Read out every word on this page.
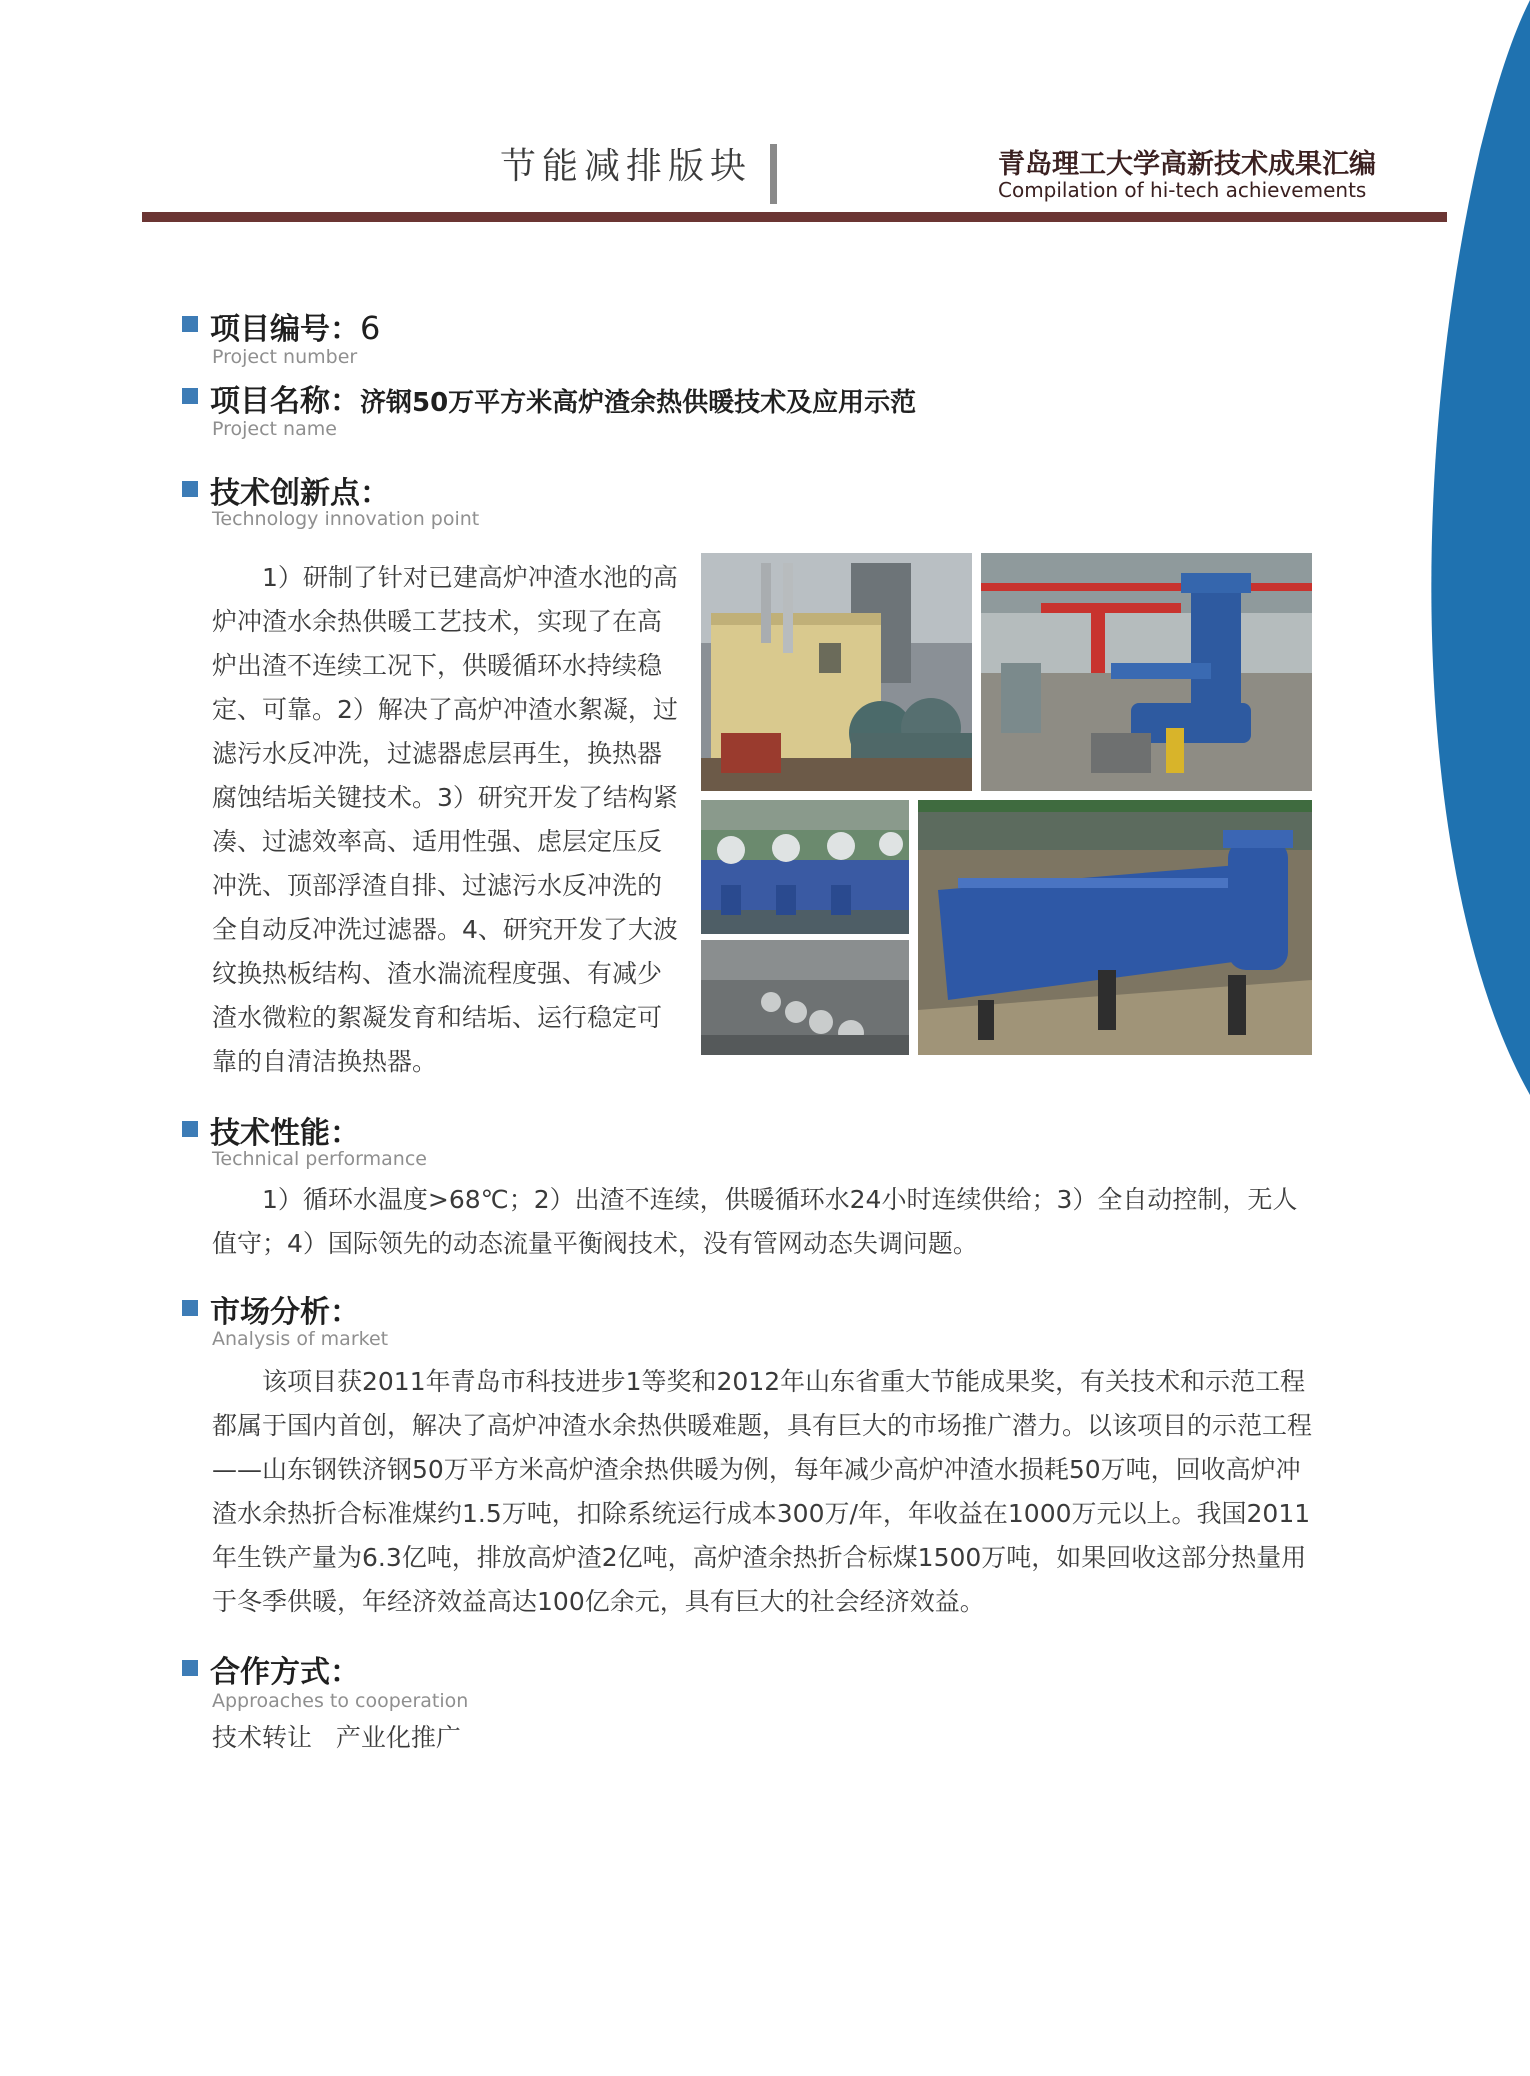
节能减排版块	青岛理工大学高新技术成果汇编
Compilation of hi-tech achievements
项目编号：6
Project number
项目名称：济钢50万平方米高炉渣余热供暖技术及应用示范
Project name
技术创新点：
Technology innovation point
1）研制了针对已建高炉冲渣水池的高炉冲渣水余热供暖工艺技术，实现了在高炉出渣不连续工况下，供暖循环水持续稳定、可靠。2）解决了高炉冲渣水絮凝，过滤污水反冲洗，过滤器虑层再生，换热器腐蚀结垢关键技术。3）研究开发了结构紧凑、过滤效率高、适用性强、虑层定压反冲洗、顶部浮渣自排、过滤污水反冲洗的全自动反冲洗过滤器。4、研究开发了大波纹换热板结构、渣水湍流程度强、有减少渣水微粒的絮凝发育和结垢、运行稳定可靠的自清洁换热器。
技术性能：
Technical performance
1）循环水温度>68℃；2）出渣不连续，供暖循环水24小时连续供给；3）全自动控制，无人值守；4）国际领先的动态流量平衡阀技术，没有管网动态失调问题。
市场分析：
Analysis of market
该项目获2011年青岛市科技进步1等奖和2012年山东省重大节能成果奖，有关技术和示范工程都属于国内首创，解决了高炉冲渣水余热供暖难题，具有巨大的市场推广潜力。以该项目的示范工程——山东钢铁济钢50万平方米高炉渣余热供暖为例，每年减少高炉冲渣水损耗50万吨，回收高炉冲渣水余热折合标准煤约1.5万吨，扣除系统运行成本300万/年，年收益在1000万元以上。我国2011年生铁产量为6.3亿吨，排放高炉渣2亿吨，高炉渣余热折合标煤1500万吨，如果回收这部分热量用于冬季供暖，年经济效益高达100亿余元，具有巨大的社会经济效益。
合作方式：
Approaches to cooperation
技术转让   产业化推广
